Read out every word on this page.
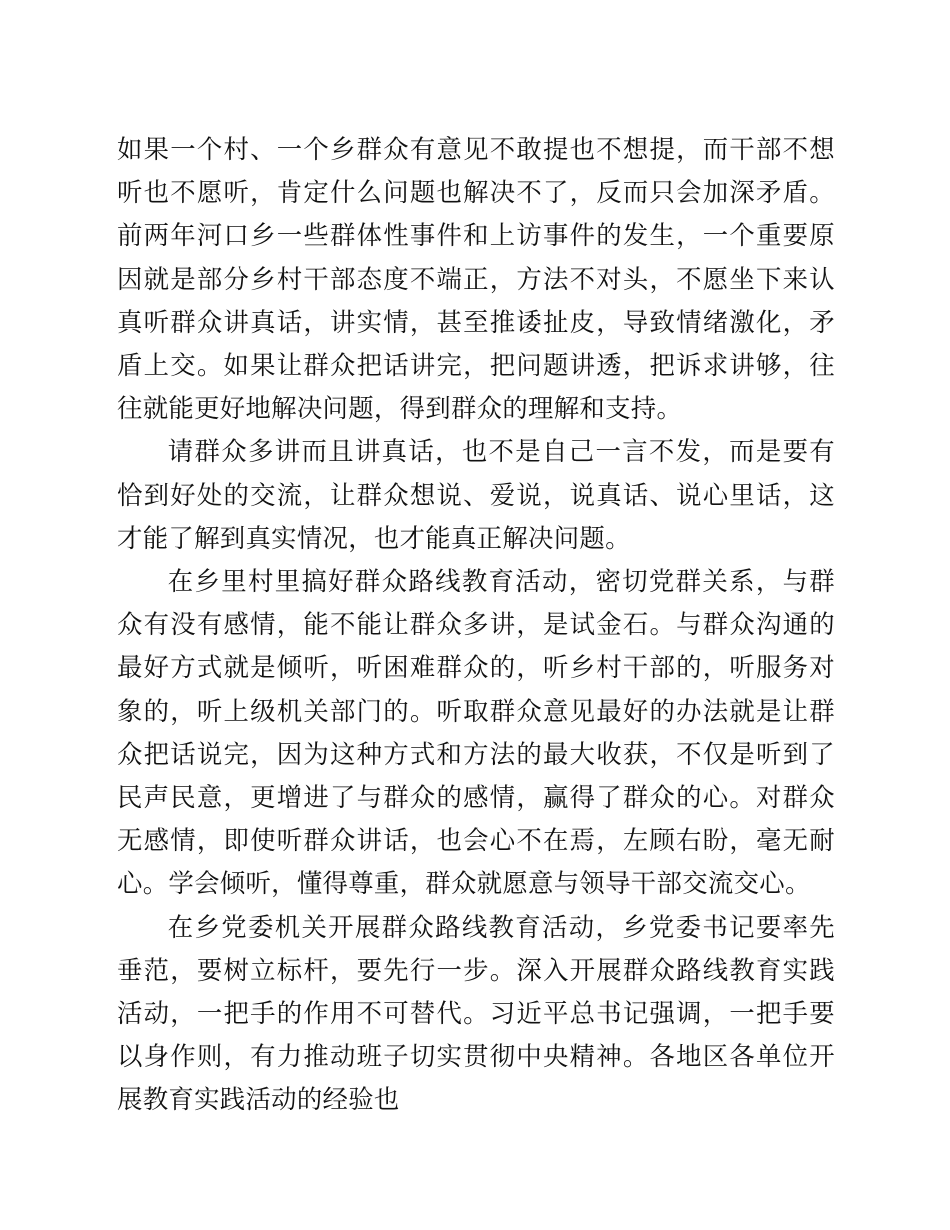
如果一个村、一个乡群众有意见不敢提也不想提，而干部不想听也不愿听，肯定什么问题也解决不了，反而只会加深矛盾。前两年河口乡一些群体性事件和上访事件的发生，一个重要原因就是部分乡村干部态度不端正，方法不对头，不愿坐下来认真听群众讲真话，讲实情，甚至推诿扯皮，导致情绪激化，矛盾上交。如果让群众把话讲完，把问题讲透，把诉求讲够，往往就能更好地解决问题，得到群众的理解和支持。

请群众多讲而且讲真话，也不是自己一言不发，而是要有恰到好处的交流，让群众想说、爱说，说真话、说心里话，这才能了解到真实情况，也才能真正解决问题。

在乡里村里搞好群众路线教育活动，密切党群关系，与群众有没有感情，能不能让群众多讲，是试金石。与群众沟通的最好方式就是倾听，听困难群众的，听乡村干部的，听服务对象的，听上级机关部门的。听取群众意见最好的办法就是让群众把话说完，因为这种方式和方法的最大收获，不仅是听到了民声民意，更增进了与群众的感情，赢得了群众的心。对群众无感情，即使听群众讲话，也会心不在焉，左顾右盼，毫无耐心。学会倾听，懂得尊重，群众就愿意与领导干部交流交心。

在乡党委机关开展群众路线教育活动，乡党委书记要率先垂范，要树立标杆，要先行一步。深入开展群众路线教育实践活动，一把手的作用不可替代。习近平总书记强调，一把手要以身作则，有力推动班子切实贯彻中央精神。各地区各单位开展教育实践活动的经验也
